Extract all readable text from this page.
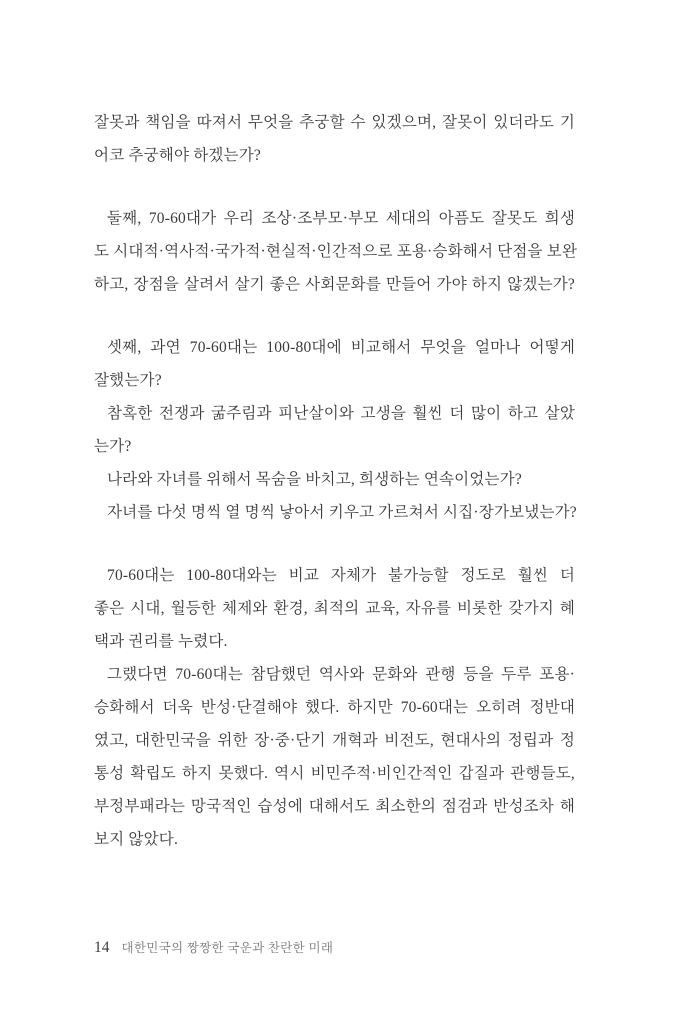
잘못과 책임을 따져서 무엇을 추궁할 수 있겠으며, 잘못이 있더라도 기
어코 추궁해야 하겠는가?
둘째, 70-60대가 우리 조상·조부모·부모 세대의 아픔도 잘못도 희생
도 시대적·역사적·국가적·현실적·인간적으로 포용·승화해서 단점을 보완
하고, 장점을 살려서 살기 좋은 사회문화를 만들어 가야 하지 않겠는가?
셋째, 과연 70-60대는 100-80대에 비교해서 무엇을 얼마나 어떻게
잘했는가?
참혹한 전쟁과 굶주림과 피난살이와 고생을 훨씬 더 많이 하고 살았
는가?
나라와 자녀를 위해서 목숨을 바치고, 희생하는 연속이었는가?
자녀를 다섯 명씩 열 명씩 낳아서 키우고 가르쳐서 시집·장가보냈는가?
70-60대는 100-80대와는 비교 자체가 불가능할 정도로 훨씬 더
좋은 시대, 월등한 체제와 환경, 최적의 교육, 자유를 비롯한 갖가지 혜
택과 권리를 누렸다.
그랬다면 70-60대는 참담했던 역사와 문화와 관행 등을 두루 포용·
승화해서 더욱 반성·단결해야 했다. 하지만 70-60대는 오히려 정반대
였고, 대한민국을 위한 장·중·단기 개혁과 비전도, 현대사의 정립과 정
통성 확립도 하지 못했다. 역시 비민주적·비인간적인 갑질과 관행들도,
부정부패라는 망국적인 습성에 대해서도 최소한의 점검과 반성조차 해
보지 않았다.
14 대한민국의 짱짱한 국운과 찬란한 미래
